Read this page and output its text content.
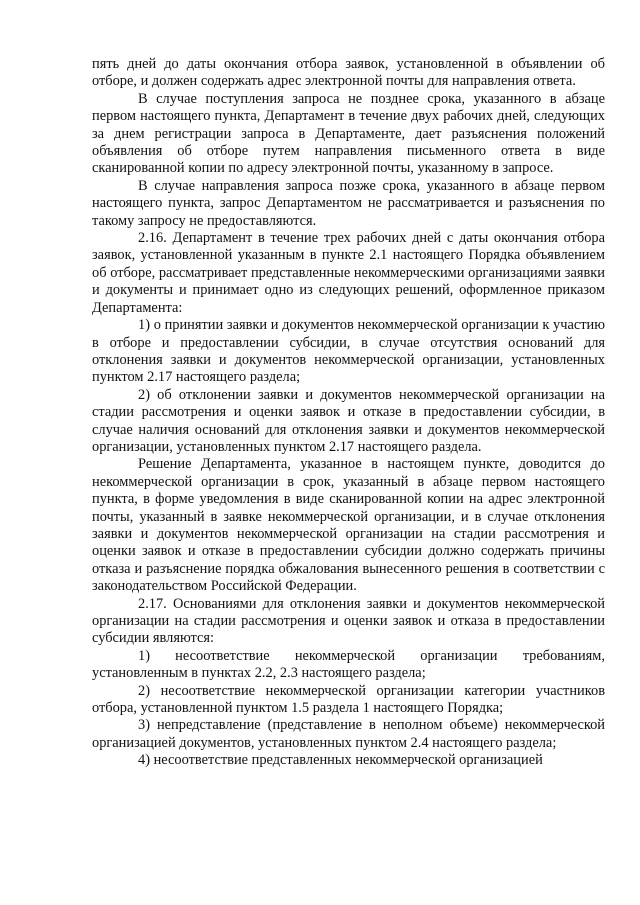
пять дней до даты окончания отбора заявок, установленной в объявлении об отборе, и должен содержать адрес электронной почты для направления ответа.

В случае поступления запроса не позднее срока, указанного в абзаце первом настоящего пункта, Департамент в течение двух рабочих дней, следующих за днем регистрации запроса в Департаменте, дает разъяснения положений объявления об отборе путем направления письменного ответа в виде сканированной копии по адресу электронной почты, указанному в запросе.

В случае направления запроса позже срока, указанного в абзаце первом настоящего пункта, запрос Департаментом не рассматривается и разъяснения по такому запросу не предоставляются.

2.16. Департамент в течение трех рабочих дней с даты окончания отбора заявок, установленной указанным в пункте 2.1 настоящего Порядка объявлением об отборе, рассматривает представленные некоммерческими организациями заявки и документы и принимает одно из следующих решений, оформленное приказом Департамента:

1) о принятии заявки и документов некоммерческой организации к участию в отборе и предоставлении субсидии, в случае отсутствия оснований для отклонения заявки и документов некоммерческой организации, установленных пунктом 2.17 настоящего раздела;

2) об отклонении заявки и документов некоммерческой организации на стадии рассмотрения и оценки заявок и отказе в предоставлении субсидии, в случае наличия оснований для отклонения заявки и документов некоммерческой организации, установленных пунктом 2.17 настоящего раздела.

Решение Департамента, указанное в настоящем пункте, доводится до некоммерческой организации в срок, указанный в абзаце первом настоящего пункта, в форме уведомления в виде сканированной копии на адрес электронной почты, указанный в заявке некоммерческой организации, и в случае отклонения заявки и документов некоммерческой организации на стадии рассмотрения и оценки заявок и отказе в предоставлении субсидии должно содержать причины отказа и разъяснение порядка обжалования вынесенного решения в соответствии с законодательством Российской Федерации.

2.17. Основаниями для отклонения заявки и документов некоммерческой организации на стадии рассмотрения и оценки заявок и отказа в предоставлении субсидии являются:

1) несоответствие некоммерческой организации требованиям, установленным в пунктах 2.2, 2.3 настоящего раздела;

2) несоответствие некоммерческой организации категории участников отбора, установленной пунктом 1.5 раздела 1 настоящего Порядка;

3) непредставление (представление в неполном объеме) некоммерческой организацией документов, установленных пунктом 2.4 настоящего раздела;

4) несоответствие представленных некоммерческой организацией
